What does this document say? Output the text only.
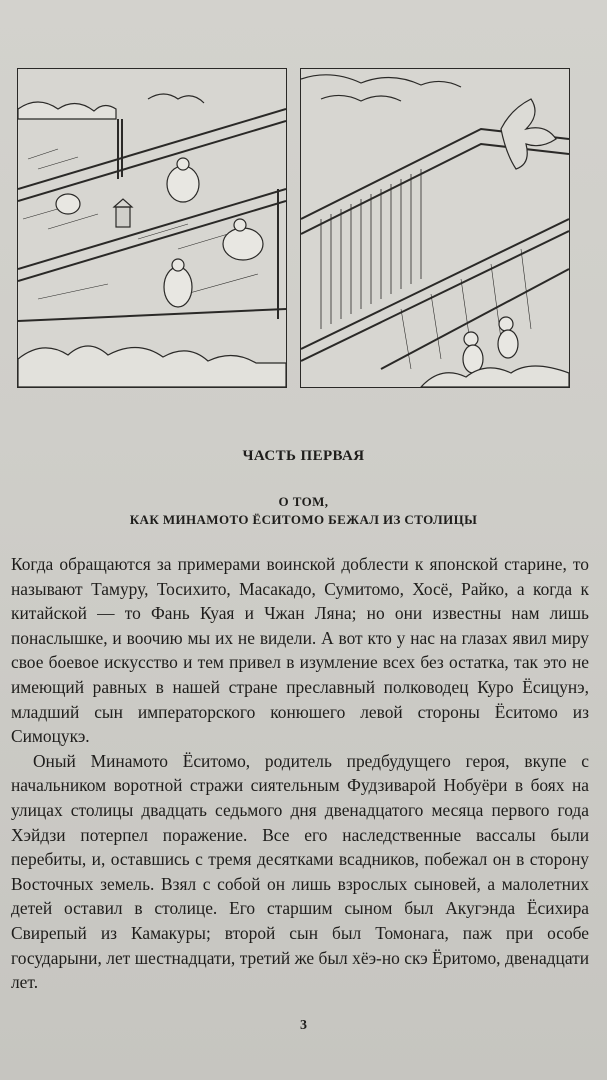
ЧАСТЬ ПЕРВАЯ
О ТОМ,
КАК МИНАМОТО ЁСИТОМО БЕЖАЛ ИЗ СТОЛИЦЫ

Когда обращаются за примерами воинской доблести к японской старине, то называют Тамуру, Тосихито, Масакадо, Сумитомо, Хосё, Райко, а когда к китайской — то Фань Куая и Чжан Ляна; но они известны нам лишь понаслышке, и воочию мы их не видели. А вот кто у нас на глазах явил миру свое боевое искусство и тем привел в изумление всех без остатка, так это не имеющий равных в нашей стране преславный полководец Куро Ёсицунэ, младший сын императорского конюшего левой стороны Ёситомо из Симоцукэ.

Оный Минамото Ёситомо, родитель предбудущего героя, вкупе с начальником воротной стражи сиятельным Фудзиварой Нобуёри в боях на улицах столицы двадцать седьмого дня двенадцатого месяца первого года Хэйдзи потерпел поражение. Все его наследственные вассалы были перебиты, и, оставшись с тремя десятками всадников, побежал он в сторону Восточных земель. Взял с собой он лишь взрослых сыновей, а малолетних детей оставил в столице. Его старшим сыном был Акугэнда Ёсихира Свирепый из Камакуры; второй сын был Томонага, паж при особе государыни, лет шестнадцати, третий же был хёэ-но скэ Ёритомо, двенадцати лет.

3
